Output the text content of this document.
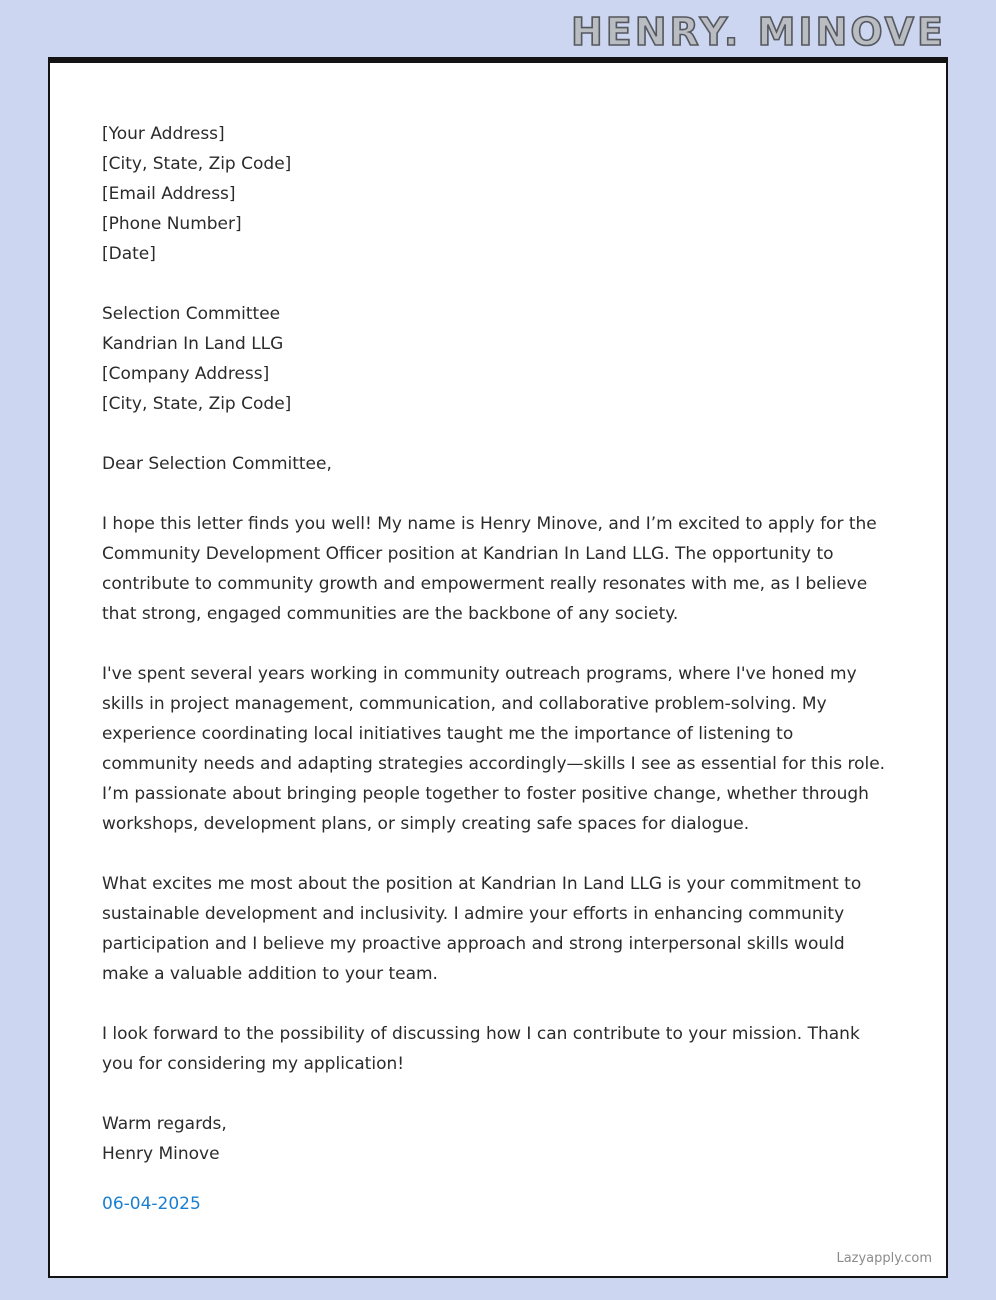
HENRY. MINOVE
[Your Address]
[City, State, Zip Code]
[Email Address]
[Phone Number]
[Date]
Selection Committee
Kandrian In Land LLG
[Company Address]
[City, State, Zip Code]
Dear Selection Committee,

I hope this letter finds you well! My name is Henry Minove, and I’m excited to apply for the Community Development Officer position at Kandrian In Land LLG. The opportunity to contribute to community growth and empowerment really resonates with me, as I believe that strong, engaged communities are the backbone of any society.

I've spent several years working in community outreach programs, where I've honed my skills in project management, communication, and collaborative problem-solving. My experience coordinating local initiatives taught me the importance of listening to community needs and adapting strategies accordingly—skills I see as essential for this role. I’m passionate about bringing people together to foster positive change, whether through workshops, development plans, or simply creating safe spaces for dialogue.

What excites me most about the position at Kandrian In Land LLG is your commitment to sustainable development and inclusivity. I admire your efforts in enhancing community participation and I believe my proactive approach and strong interpersonal skills would make a valuable addition to your team.

I look forward to the possibility of discussing how I can contribute to your mission. Thank you for considering my application!

Warm regards,
Henry Minove
06-04-2025
Lazyapply.com
